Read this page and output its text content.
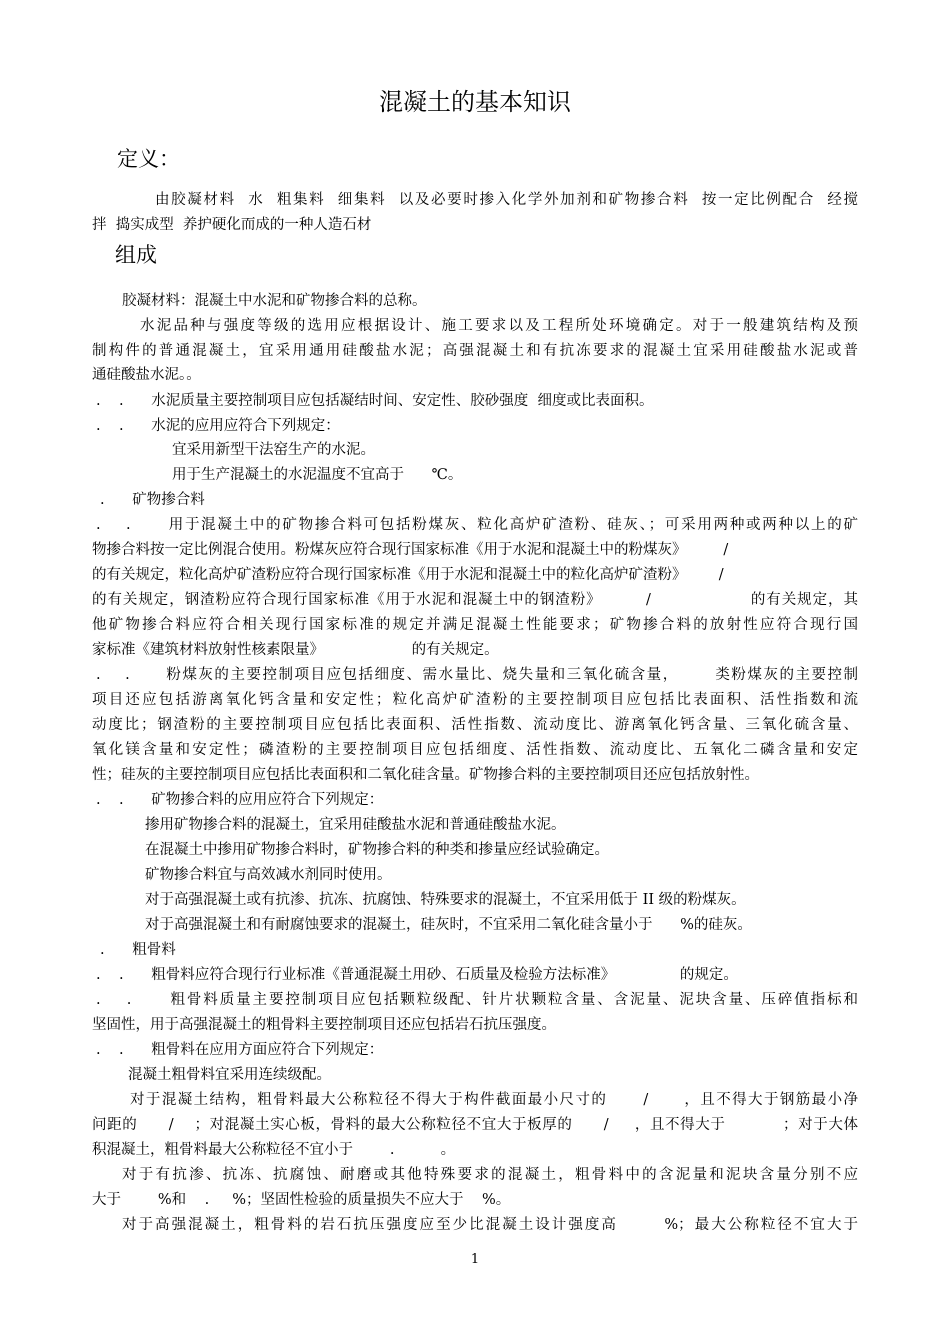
混凝土的基本知识
定义：
由胶凝材料  水  粗集料  细集料  以及必要时掺入化学外加剂和矿物掺合料  按一定比例配合  经搅
拌  捣实成型  养护硬化而成的一种人造石材
组成
胶凝材料：混凝土中水泥和矿物掺合料的总称。
水泥品种与强度等级的选用应根据设计、施工要求以及工程所处环境确定。对于一般建筑结构及预
制构件的普通混凝土，宜采用通用硅酸盐水泥；高强混凝土和有抗冻要求的混凝土宜采用硅酸盐水泥或普
通硅酸盐水泥。。
.    .      水泥质量主要控制项目应包括凝结时间、安定性、胶砂强度  细度或比表面积。
.    .      水泥的应用应符合下列规定：
宜采用新型干法窑生产的水泥。
用于生产混凝土的水泥温度不宜高于      ℃。
.      矿物掺合料
.    .      用于混凝土中的矿物掺合料可包括粉煤灰、粒化高炉矿渣粉、硅灰、；可采用两种或两种以上的矿
物掺合料按一定比例混合使用。粉煤灰应符合现行国家标准《用于水泥和混凝土中的粉煤灰》        /
的有关规定，粒化高炉矿渣粉应符合现行国家标准《用于水泥和混凝土中的粒化高炉矿渣粉》       /
的有关规定，钢渣粉应符合现行国家标准《用于水泥和混凝土中的钢渣粉》        /                  的有关规定，其
他矿物掺合料应符合相关现行国家标准的规定并满足混凝土性能要求；矿物掺合料的放射性应符合现行国
家标准《建筑材料放射性核素限量》                   的有关规定。
.    .      粉煤灰的主要控制项目应包括细度、需水量比、烧失量和三氧化硫含量，      类粉煤灰的主要控制
项目还应包括游离氧化钙含量和安定性；粒化高炉矿渣粉的主要控制项目应包括比表面积、活性指数和流
动度比；钢渣粉的主要控制项目应包括比表面积、活性指数、流动度比、游离氧化钙含量、三氧化硫含量、
氧化镁含量和安定性；磷渣粉的主要控制项目应包括细度、活性指数、流动度比、五氧化二磷含量和安定
性；硅灰的主要控制项目应包括比表面积和二氧化硅含量。矿物掺合料的主要控制项目还应包括放射性。
.    .      矿物掺合料的应用应符合下列规定：
掺用矿物掺合料的混凝土，宜采用硅酸盐水泥和普通硅酸盐水泥。
在混凝土中掺用矿物掺合料时，矿物掺合料的种类和掺量应经试验确定。
矿物掺合料宜与高效减水剂同时使用。
对于高强混凝土或有抗渗、抗冻、抗腐蚀、特殊要求的混凝土，不宜采用低于 II 级的粉煤灰。
对于高强混凝土和有耐腐蚀要求的混凝土，硅灰时，不宜采用二氧化硅含量小于      %的硅灰。
.      粗骨料
.    .      粗骨料应符合现行行业标准《普通混凝土用砂、石质量及检验方法标准》              的规定。
.    .      粗骨料质量主要控制项目应包括颗粒级配、针片状颗粒含量、含泥量、泥块含量、压碎值指标和
坚固性，用于高强混凝土的粗骨料主要控制项目还应包括岩石抗压强度。
.    .      粗骨料在应用方面应符合下列规定：
混凝土粗骨料宜采用连续级配。
对于混凝土结构，粗骨料最大公称粒径不得大于构件截面最小尺寸的      /      ，且不得大于钢筋最小净
问距的      /    ；对混凝土实心板，骨料的最大公称粒径不宜大于板厚的      /     ，且不得大于           ；对于大体
积混凝土，粗骨料最大公称粒径不宜小于        .          。
对于有抗渗、抗冻、抗腐蚀、耐磨或其他特殊要求的混凝土，粗骨料中的含泥量和泥块含量分别不应
大于        %和    .     %；坚固性检验的质量损失不应大于    %。
对于高强混凝土，粗骨料的岩石抗压强度应至少比混凝土设计强度高       %；最大公称粒径不宜大于
1
